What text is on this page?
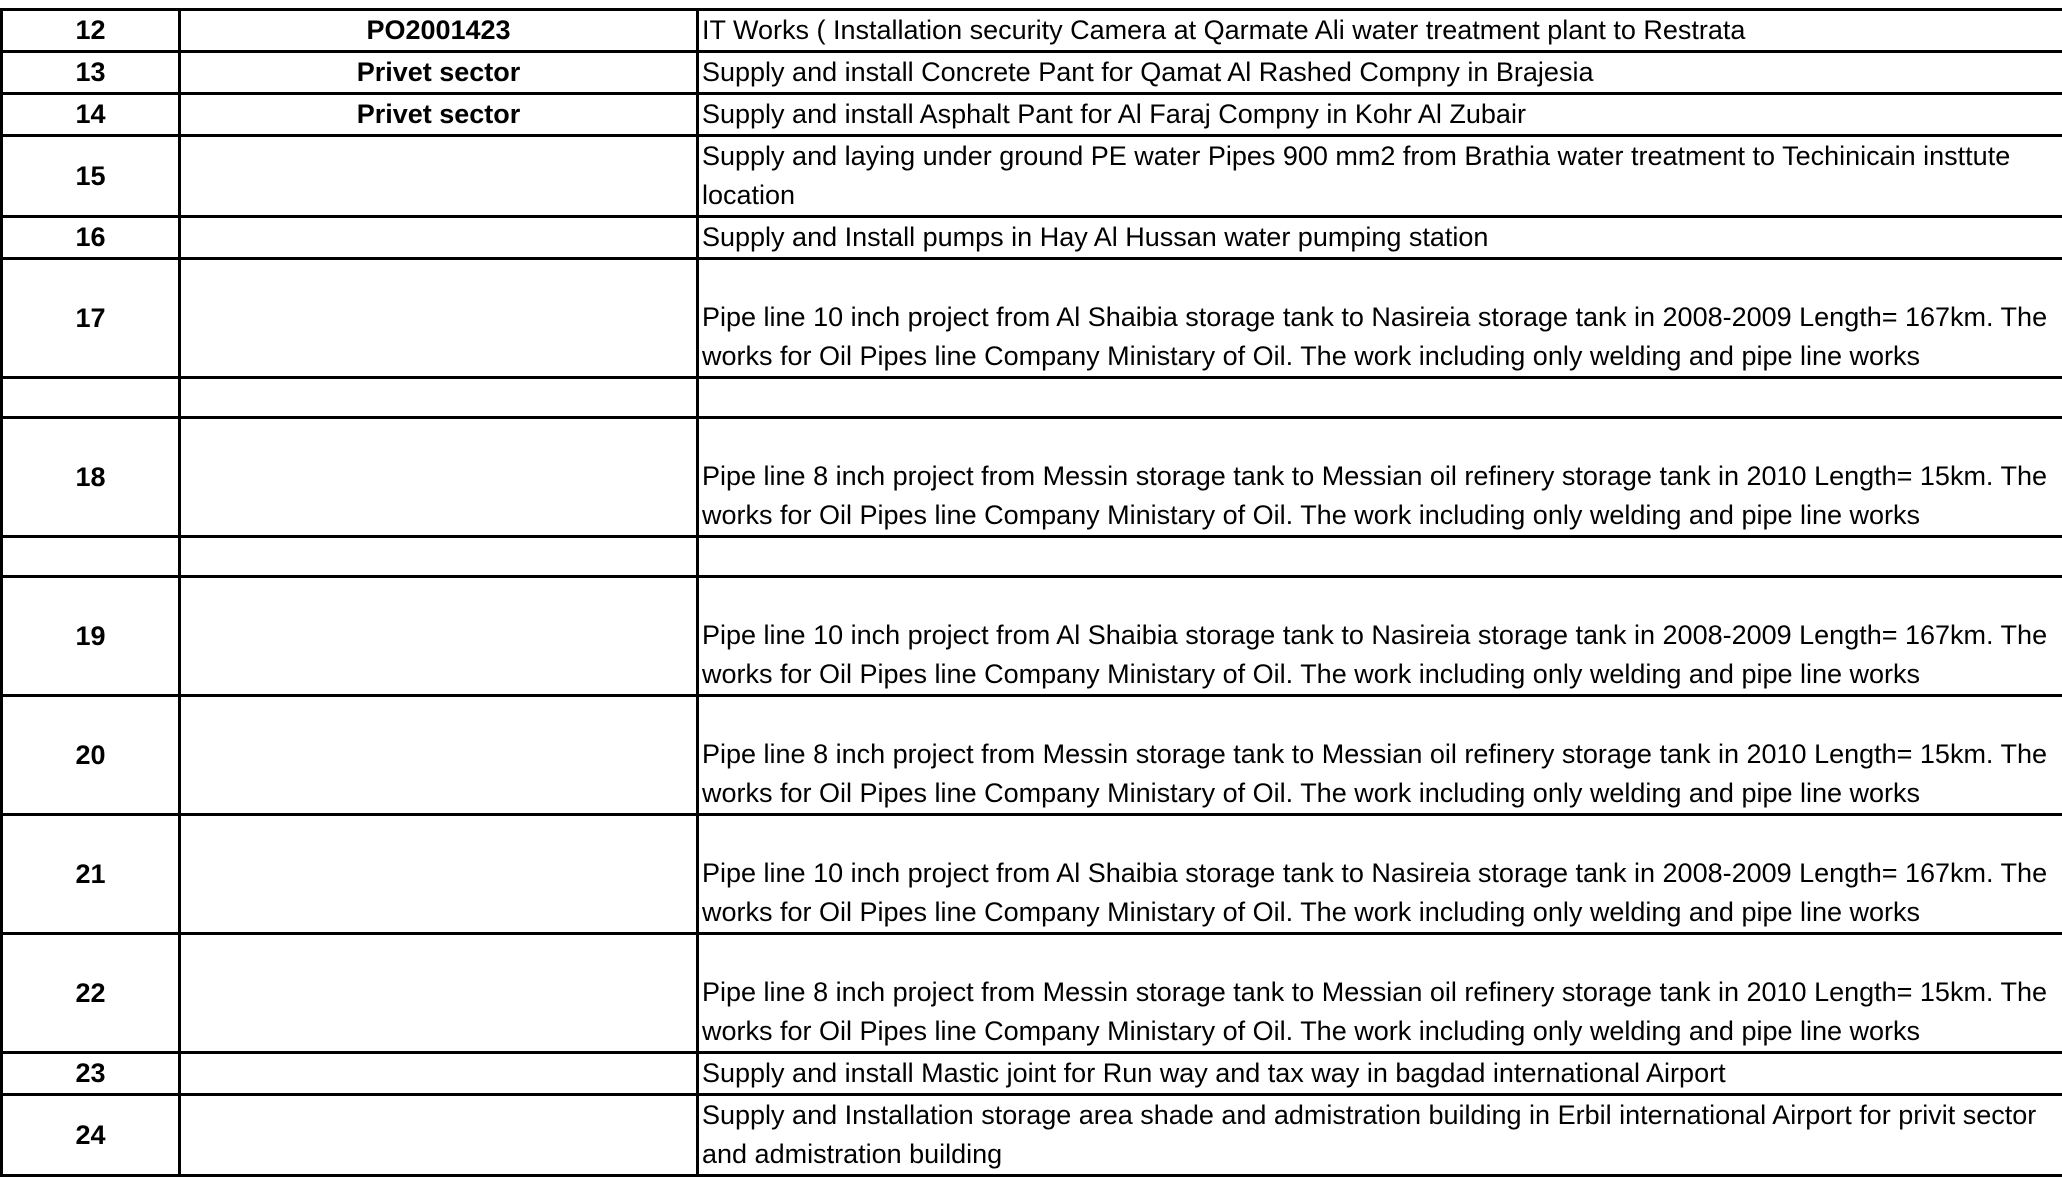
12	PO2001423	IT Works ( Installation security Camera at Qarmate Ali water treatment plant to Restrata
13	Privet sector	Supply and install Concrete Pant for Qamat Al Rashed Compny in Brajesia
14	Privet sector	Supply and install Asphalt Pant for Al Faraj Compny in Kohr Al Zubair
15		Supply and laying under ground PE water Pipes 900 mm2 from Brathia water treatment to Techinicain insttute location
16		Supply and Install pumps in Hay Al Hussan water pumping station
17		Pipe line 10 inch project from Al Shaibia storage tank to Nasireia storage tank in 2008-2009 Length= 167km. The works for Oil Pipes line Company Ministary of Oil. The work including only welding and pipe line works

18		Pipe line 8 inch project from Messin storage tank to Messian oil refinery storage tank in 2010 Length= 15km. The works for Oil Pipes line Company Ministary of Oil. The work including only welding and pipe line works

19		Pipe line 10 inch project from Al Shaibia storage tank to Nasireia storage tank in 2008-2009 Length= 167km. The works for Oil Pipes line Company Ministary of Oil. The work including only welding and pipe line works
20		Pipe line 8 inch project from Messin storage tank to Messian oil refinery storage tank in 2010 Length= 15km. The works for Oil Pipes line Company Ministary of Oil. The work including only welding and pipe line works
21		Pipe line 10 inch project from Al Shaibia storage tank to Nasireia storage tank in 2008-2009 Length= 167km. The works for Oil Pipes line Company Ministary of Oil. The work including only welding and pipe line works
22		Pipe line 8 inch project from Messin storage tank to Messian oil refinery storage tank in 2010 Length= 15km. The works for Oil Pipes line Company Ministary of Oil. The work including only welding and pipe line works
23		Supply and install Mastic joint for Run way and tax way in bagdad international Airport
24		Supply and Installation storage area shade and admistration building in Erbil international Airport for privit sector and admistration building
